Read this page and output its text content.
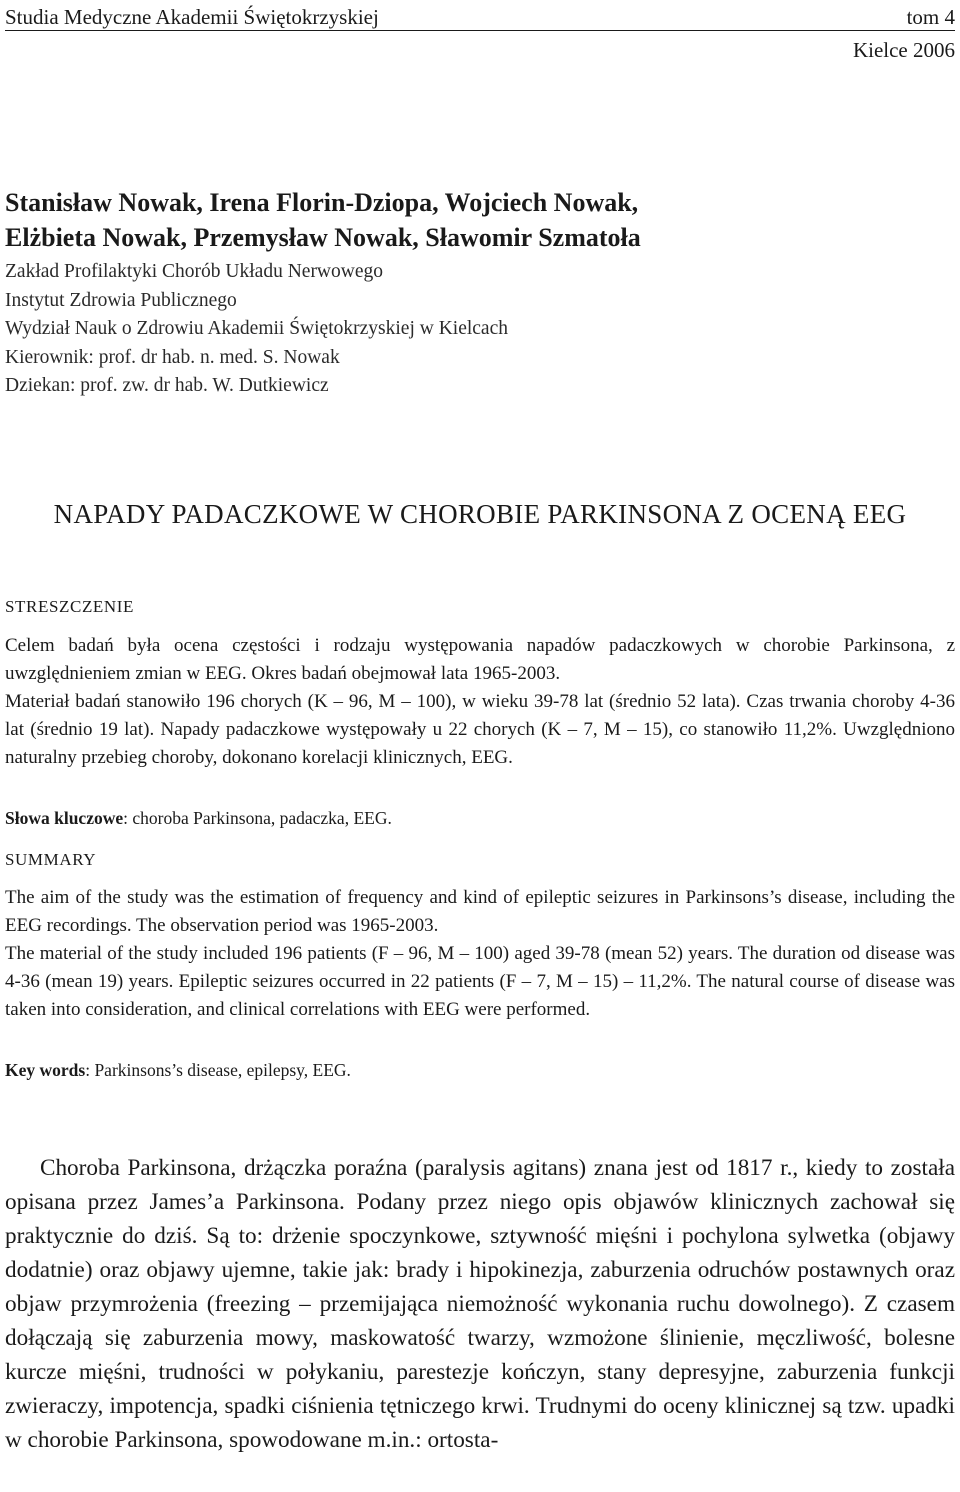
Studia Medyczne Akademii Świętokrzyskiej	tom 4
Kielce 2006
Stanisław Nowak, Irena Florin-Dziopa, Wojciech Nowak,
Elżbieta Nowak, Przemysław Nowak, Sławomir Szmatoła
Zakład Profilaktyki Chorób Układu Nerwowego
Instytut Zdrowia Publicznego
Wydział Nauk o Zdrowiu Akademii Świętokrzyskiej w Kielcach
Kierownik: prof. dr hab. n. med. S. Nowak
Dziekan: prof. zw. dr hab. W. Dutkiewicz
NAPADY PADACZKOWE W CHOROBIE PARKINSONA Z OCENĄ EEG
STRESZCZENIE

Celem badań była ocena częstości i rodzaju występowania napadów padaczkowych w chorobie Parkinsona, z uwzględnieniem zmian w EEG. Okres badań obejmował lata 1965-2003.

Materiał badań stanowiło 196 chorych (K – 96, M – 100), w wieku 39-78 lat (średnio 52 lata). Czas trwania choroby 4-36 lat (średnio 19 lat). Napady padaczkowe występowały u 22 chorych (K – 7, M – 15), co stanowiło 11,2%. Uwzględniono naturalny przebieg choroby, dokonano korelacji klinicznych, EEG.

Słowa kluczowe: choroba Parkinsona, padaczka, EEG.
SUMMARY

The aim of the study was the estimation of frequency and kind of epileptic seizures in Parkinsons’s disease, including the EEG recordings. The observation period was 1965-2003.

The material of the study included 196 patients (F – 96, M – 100) aged 39-78 (mean 52) years. The duration od disease was 4-36 (mean 19) years. Epileptic seizures occurred in 22 patients (F – 7, M – 15) – 11,2%. The natural course of disease was taken into consideration, and clinical correlations with EEG were performed.

Key words: Parkinsons’s disease, epilepsy, EEG.

Choroba Parkinsona, drżączka poraźna (paralysis agitans) znana jest od 1817 r., kiedy to została opisana przez James’a Parkinsona. Podany przez niego opis objawów klinicznych zachował się praktycznie do dziś. Są to: drżenie spoczynkowe, sztywność mięśni i pochylona sylwetka (objawy dodatnie) oraz objawy ujemne, takie jak: brady i hipokinezja, zaburzenia odruchów postawnych oraz objaw przymrożenia (freezing – przemijająca niemożność wykonania ruchu dowolnego). Z czasem dołączają się zaburzenia mowy, maskowatość twarzy, wzmożone ślinienie, męczliwość, bolesne kurcze mięśni, trudności w połykaniu, parestezje kończyn, stany depresyjne, zaburzenia funkcji zwieraczy, impotencja, spadki ciśnienia tętniczego krwi. Trudnymi do oceny klinicznej są tzw. upadki w chorobie Parkinsona, spowodowane m.in.: ortosta-
